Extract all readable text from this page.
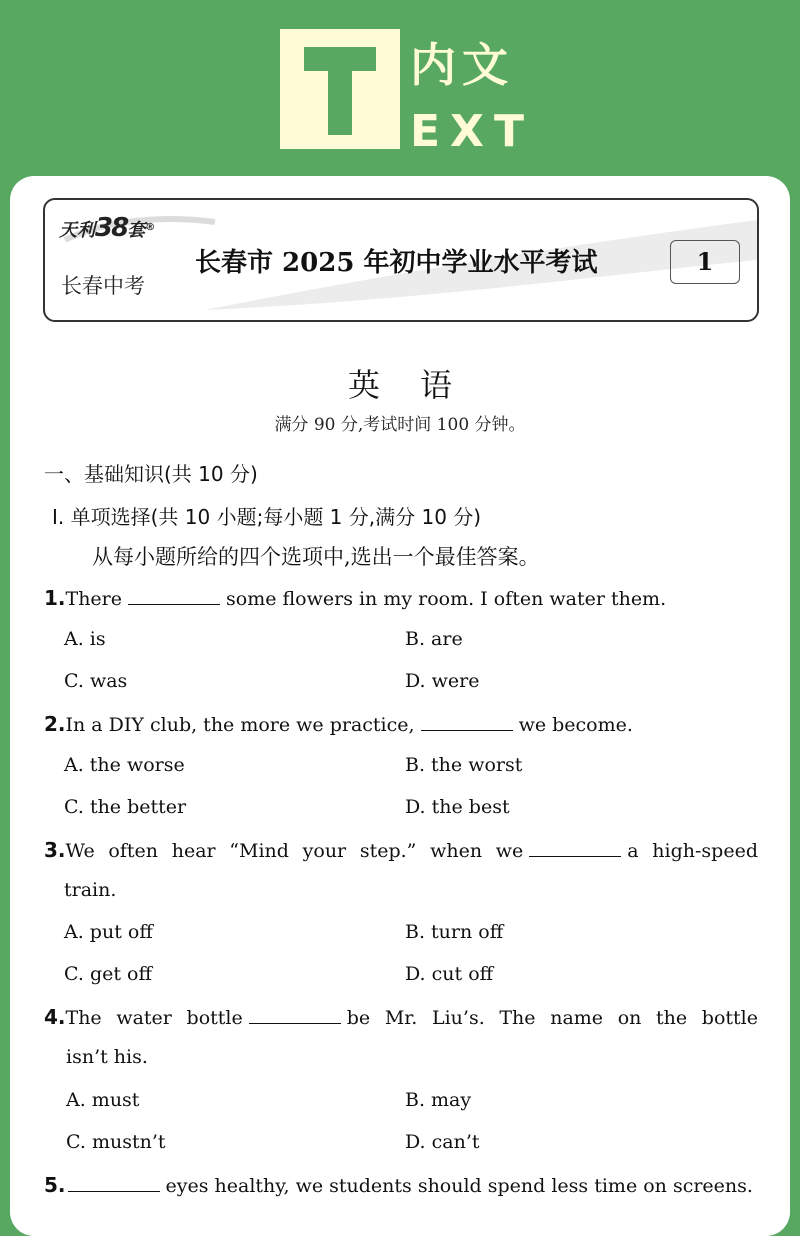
内文
EXT
天利38套®
长春中考
长春市 2025 年初中学业水平考试	1
英语
满分 90 分,考试时间 100 分钟。
一、基础知识(共 10 分)
Ⅰ. 单项选择(共 10 小题;每小题 1 分,满分 10 分)
从每小题所给的四个选项中,选出一个最佳答案。
1.There	some flowers in my room. I often water them.
A. is	B. are
C. was	D. were
2.In a DIY club, the more we practice,	we become.
A. the worse	B. the worst
C. the better	D. the best
3.We often hear “Mind your step.” when we	a high-speed
train.
A. put off	B. turn off
C. get off	D. cut off
4.The water bottle	be Mr. Liu’s. The name on the bottle
isn’t his.
A. must	B. may
C. mustn’t	D. can’t
5.	eyes healthy, we students should spend less time on screens.
